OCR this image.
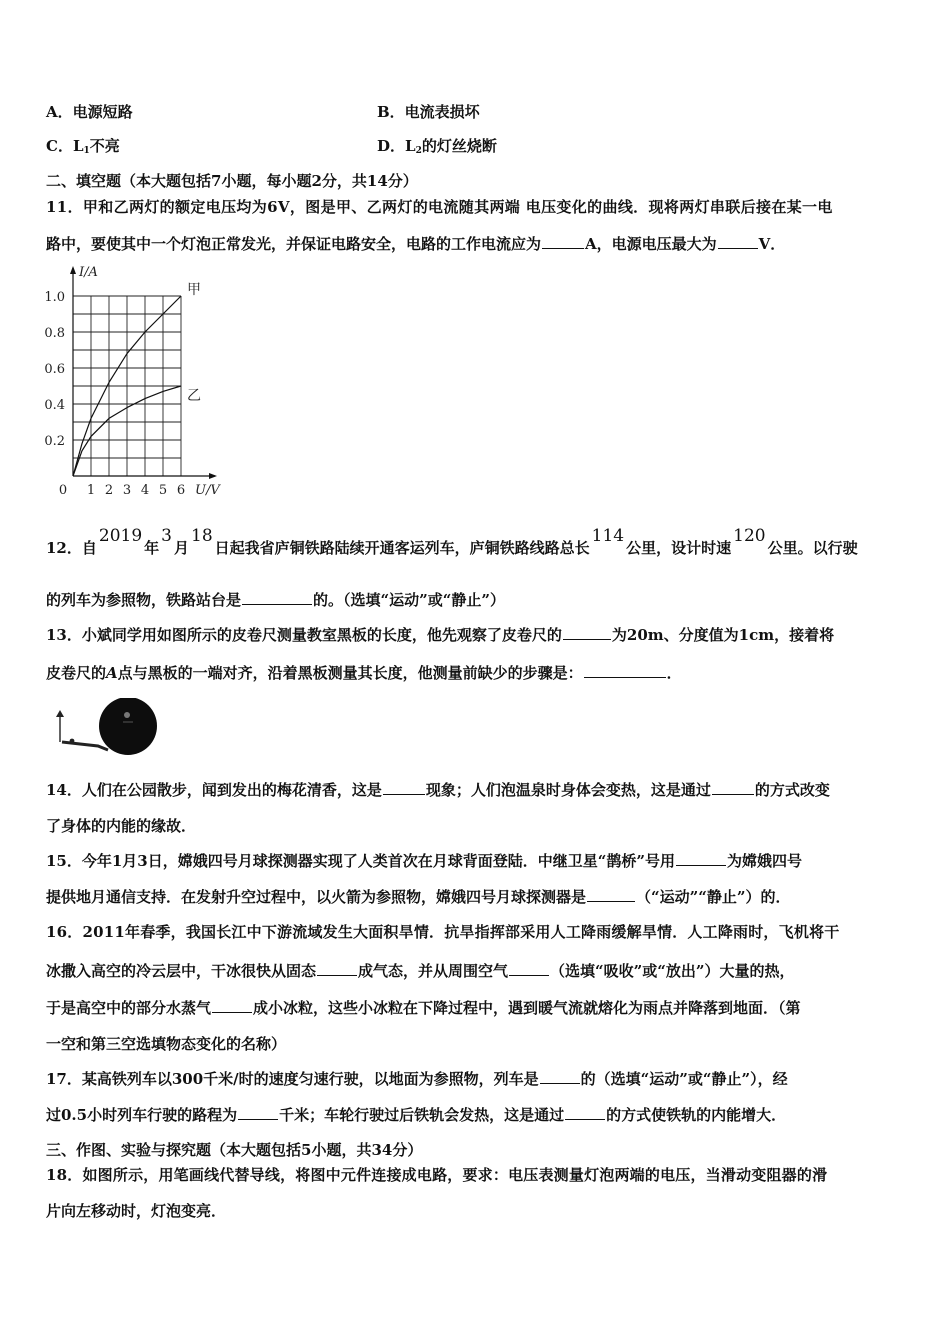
A．电源短路	B．电流表损坏
C．$L_1$不亮	D．$L_2$的灯丝烧断
二、填空题（本大题包括7小题，每小题2分，共14分）
11．甲和乙两灯的额定电压均为6V，图是甲、乙两灯的电流随其两端 电压变化的曲线．现将两灯串联后接在某一电
路中，要使其中一个灯泡正常发光，并保证电路安全，电路的工作电流应为	A，电源电压最大为	V．
1 2 3 4 5 6
0.2
0.4
0.6
0.8
1.0
0	U/V
I/A
甲
乙
12．自2019年3月18日起我省庐铜铁路陆续开通客运列车，庐铜铁路线路总长114公里，设计时速120公里。以行驶
的列车为参照物，铁路站台是	的。（选填“运动”或“静止”）
13．小斌同学用如图所示的皮卷尺测量教室黑板的长度，他先观察了皮卷尺的	为20m、分度值为1cm，接着将
皮卷尺的A点与黑板的一端对齐，沿着黑板测量其长度，他测量前缺少的步骤是：	．
14．人们在公园散步，闻到发出的梅花清香，这是	现象；人们泡温泉时身体会变热，这是通过	的方式改变
了身体的内能的缘故．
15．今年1月3日，嫦娥四号月球探测器实现了人类首次在月球背面登陆．中继卫星“鹊桥”号用	为嫦娥四号
提供地月通信支持．在发射升空过程中，以火箭为参照物，嫦娥四号月球探测器是	（“运动”“静止”）的．
16．2011年春季，我国长江中下游流域发生大面积旱情．抗旱指挥部采用人工降雨缓解旱情．人工降雨时，飞机将干
冰撒入高空的冷云层中，干冰很快从固态	成气态，并从周围空气	（选填“吸收”或“放出”）大量的热，
于是高空中的部分水蒸气	成小冰粒，这些小冰粒在下降过程中，遇到暖气流就熔化为雨点并降落到地面．（第
一空和第三空选填物态变化的名称）
17．某高铁列车以300千米/时的速度匀速行驶，以地面为参照物，列车是	的（选填“运动”或“静止”），经
过0.5小时列车行驶的路程为	千米；车轮行驶过后铁轨会发热，这是通过	的方式使铁轨的内能增大．
三、作图、实验与探究题（本大题包括5小题，共34分）
18．如图所示，用笔画线代替导线，将图中元件连接成电路，要求：电压表测量灯泡两端的电压，当滑动变阻器的滑
片向左移动时，灯泡变亮．
